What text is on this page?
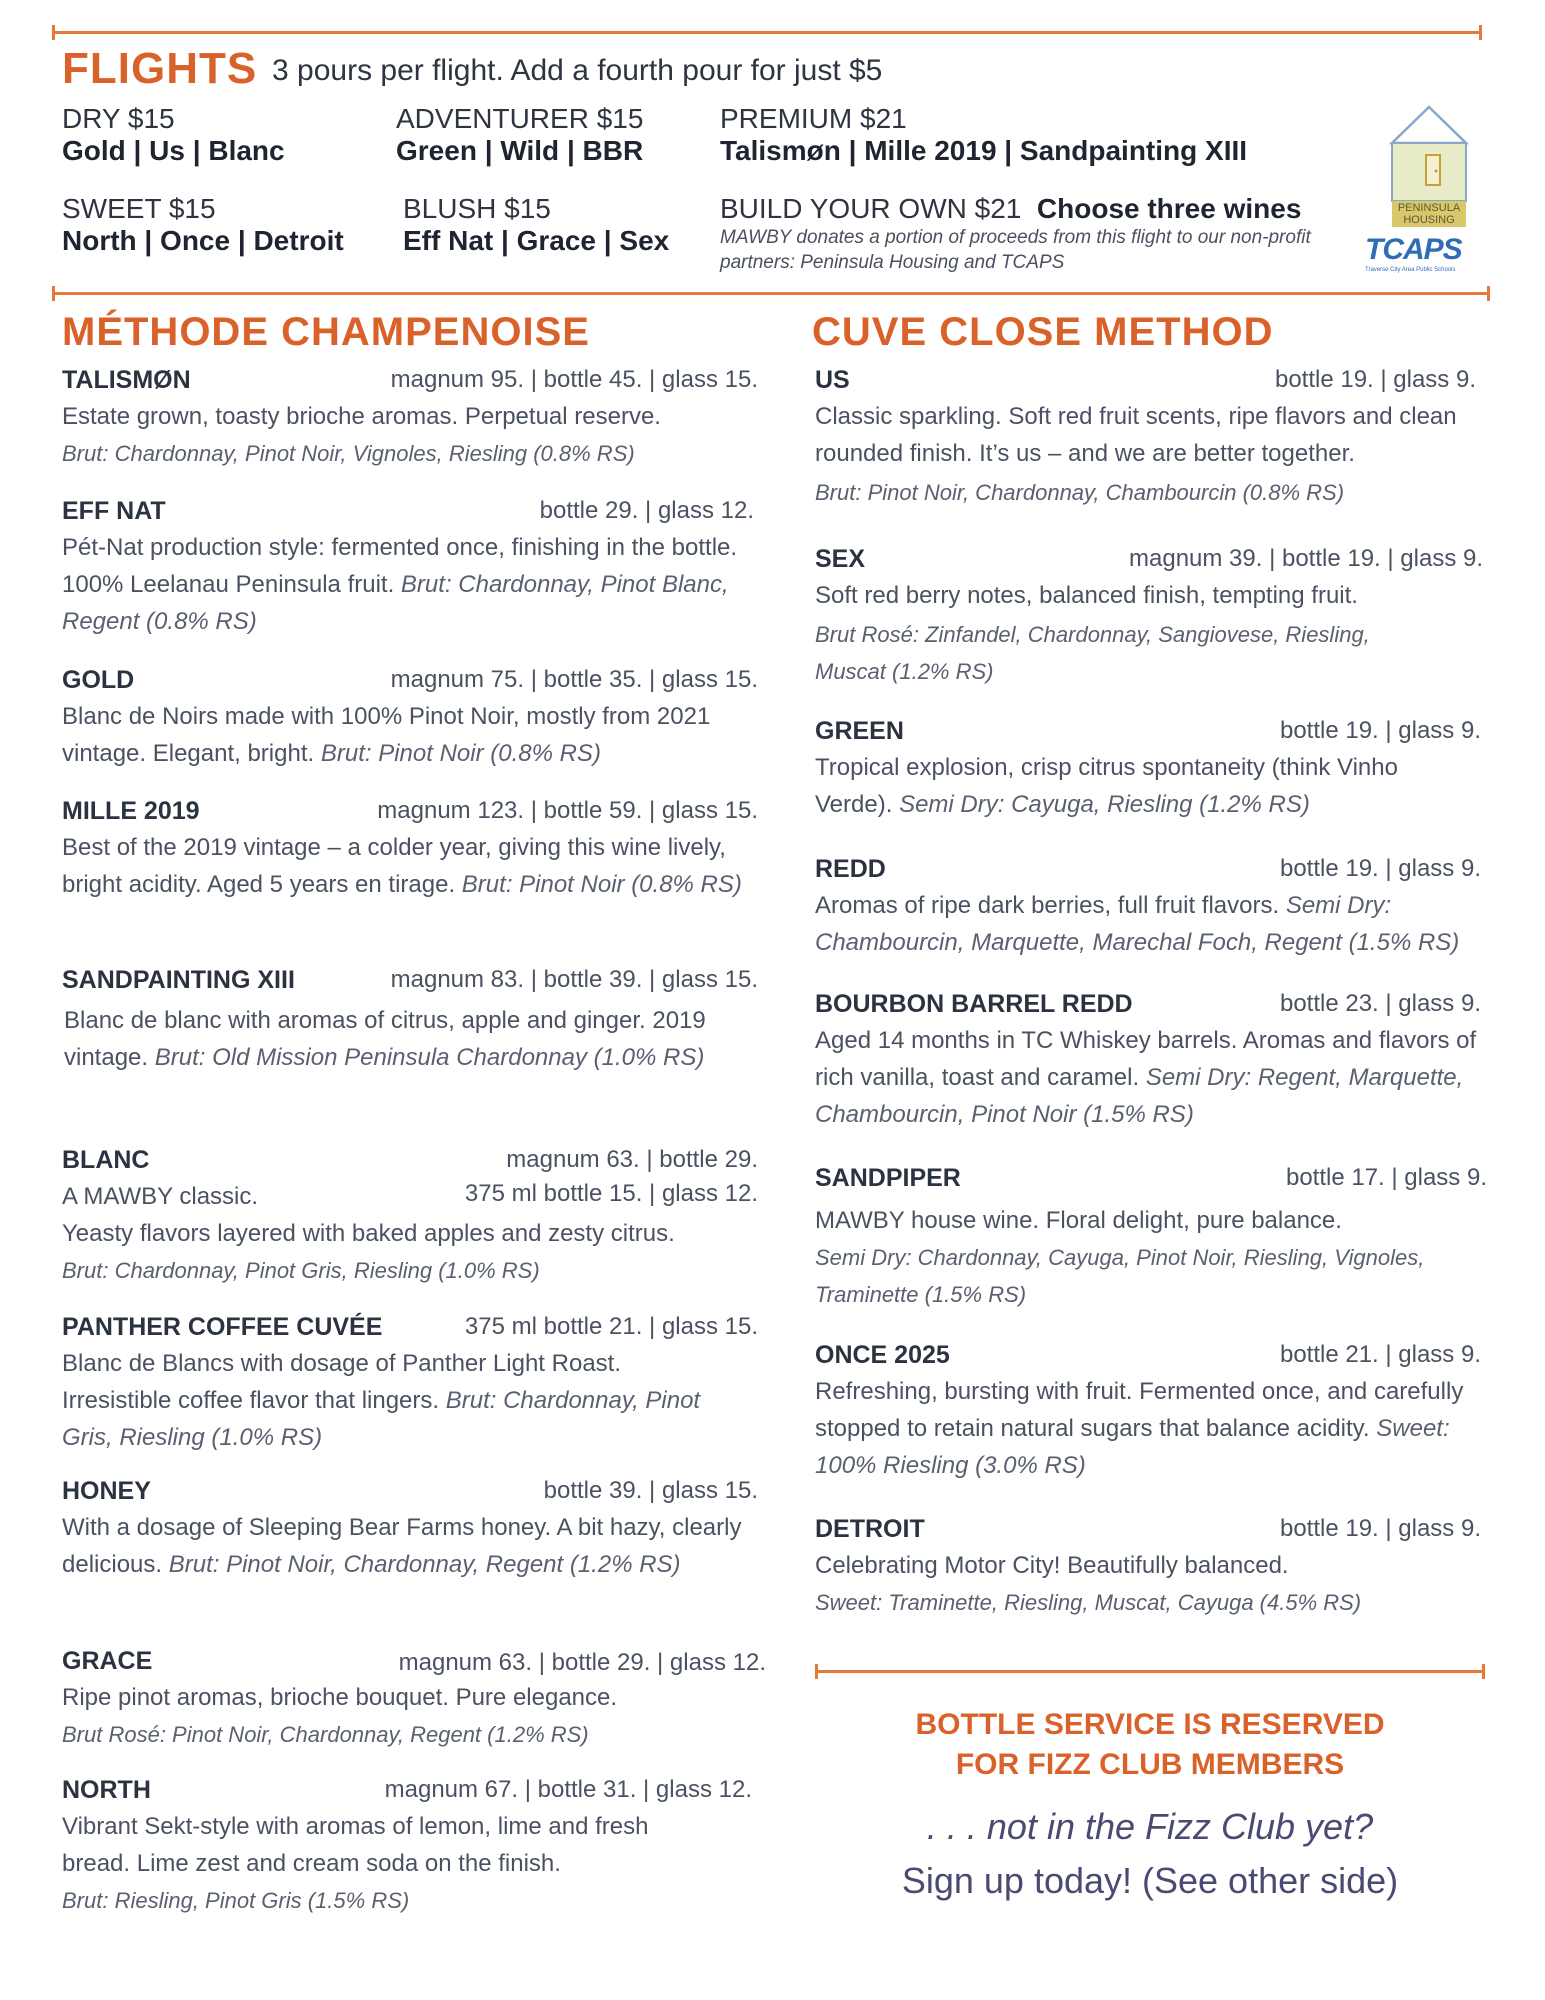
FLIGHTS 3 pours per flight. Add a fourth pour for just $5
DRY $15
Gold | Us | Blanc
ADVENTURER $15
Green | Wild | BBR
PREMIUM $21
Talismøn | Mille 2019 | Sandpainting XIII
SWEET $15
North | Once | Detroit
BLUSH $15
Eff Nat | Grace | Sex
BUILD YOUR OWN $21 Choose three wines
MAWBY donates a portion of proceeds from this flight to our non-profit partners: Peninsula Housing and TCAPS
PENINSULA
HOUSING
TCAPS
Traverse City Area Public Schools
MÉTHODE CHAMPENOISE	CUVE CLOSE METHOD
TALISMØN	magnum 95. | bottle 45. | glass 15.
Estate grown, toasty brioche aromas. Perpetual reserve.
Brut: Chardonnay, Pinot Noir, Vignoles, Riesling (0.8% RS)
EFF NAT	bottle 29. | glass 12.
Pét-Nat production style: fermented once, finishing in the bottle. 100% Leelanau Peninsula fruit. Brut: Chardonnay, Pinot Blanc, Regent (0.8% RS)
GOLD	magnum 75. | bottle 35. | glass 15.
Blanc de Noirs made with 100% Pinot Noir, mostly from 2021 vintage. Elegant, bright. Brut: Pinot Noir (0.8% RS)
MILLE 2019	magnum 123. | bottle 59. | glass 15.
Best of the 2019 vintage – a colder year, giving this wine lively, bright acidity. Aged 5 years en tirage. Brut: Pinot Noir (0.8% RS)
SANDPAINTING XIII	magnum 83. | bottle 39. | glass 15.
Blanc de blanc with aromas of citrus, apple and ginger. 2019 vintage. Brut: Old Mission Peninsula Chardonnay (1.0% RS)
BLANC	magnum 63. | bottle 29.
A MAWBY classic.	375 ml bottle 15. | glass 12.
Yeasty flavors layered with baked apples and zesty citrus.
Brut: Chardonnay, Pinot Gris, Riesling (1.0% RS)
PANTHER COFFEE CUVÉE	375 ml bottle 21. | glass 15.
Blanc de Blancs with dosage of Panther Light Roast. Irresistible coffee flavor that lingers. Brut: Chardonnay, Pinot Gris, Riesling (1.0% RS)
HONEY	bottle 39. | glass 15.
With a dosage of Sleeping Bear Farms honey. A bit hazy, clearly delicious. Brut: Pinot Noir, Chardonnay, Regent (1.2% RS)
GRACE	magnum 63. | bottle 29. | glass 12.
Ripe pinot aromas, brioche bouquet. Pure elegance.
Brut Rosé: Pinot Noir, Chardonnay, Regent (1.2% RS)
NORTH	magnum 67. | bottle 31. | glass 12.
Vibrant Sekt-style with aromas of lemon, lime and fresh bread. Lime zest and cream soda on the finish.
Brut: Riesling, Pinot Gris (1.5% RS)
US	bottle 19. | glass 9.
Classic sparkling. Soft red fruit scents, ripe flavors and clean rounded finish. It’s us – and we are better together.
Brut: Pinot Noir, Chardonnay, Chambourcin (0.8% RS)
SEX	magnum 39. | bottle 19. | glass 9.
Soft red berry notes, balanced finish, tempting fruit.
Brut Rosé: Zinfandel, Chardonnay, Sangiovese, Riesling, Muscat (1.2% RS)
GREEN	bottle 19. | glass 9.
Tropical explosion, crisp citrus spontaneity (think Vinho Verde). Semi Dry: Cayuga, Riesling (1.2% RS)
REDD	bottle 19. | glass 9.
Aromas of ripe dark berries, full fruit flavors. Semi Dry: Chambourcin, Marquette, Marechal Foch, Regent (1.5% RS)
BOURBON BARREL REDD	bottle 23. | glass 9.
Aged 14 months in TC Whiskey barrels. Aromas and flavors of rich vanilla, toast and caramel. Semi Dry: Regent, Marquette, Chambourcin, Pinot Noir (1.5% RS)
SANDPIPER	bottle 17. | glass 9.
MAWBY house wine. Floral delight, pure balance.
Semi Dry: Chardonnay, Cayuga, Pinot Noir, Riesling, Vignoles, Traminette (1.5% RS)
ONCE 2025	bottle 21. | glass 9.
Refreshing, bursting with fruit. Fermented once, and carefully stopped to retain natural sugars that balance acidity. Sweet: 100% Riesling (3.0% RS)
DETROIT	bottle 19. | glass 9.
Celebrating Motor City! Beautifully balanced.
Sweet: Traminette, Riesling, Muscat, Cayuga (4.5% RS)
BOTTLE SERVICE IS RESERVED
FOR FIZZ CLUB MEMBERS
. . . not in the Fizz Club yet?
Sign up today! (See other side)
